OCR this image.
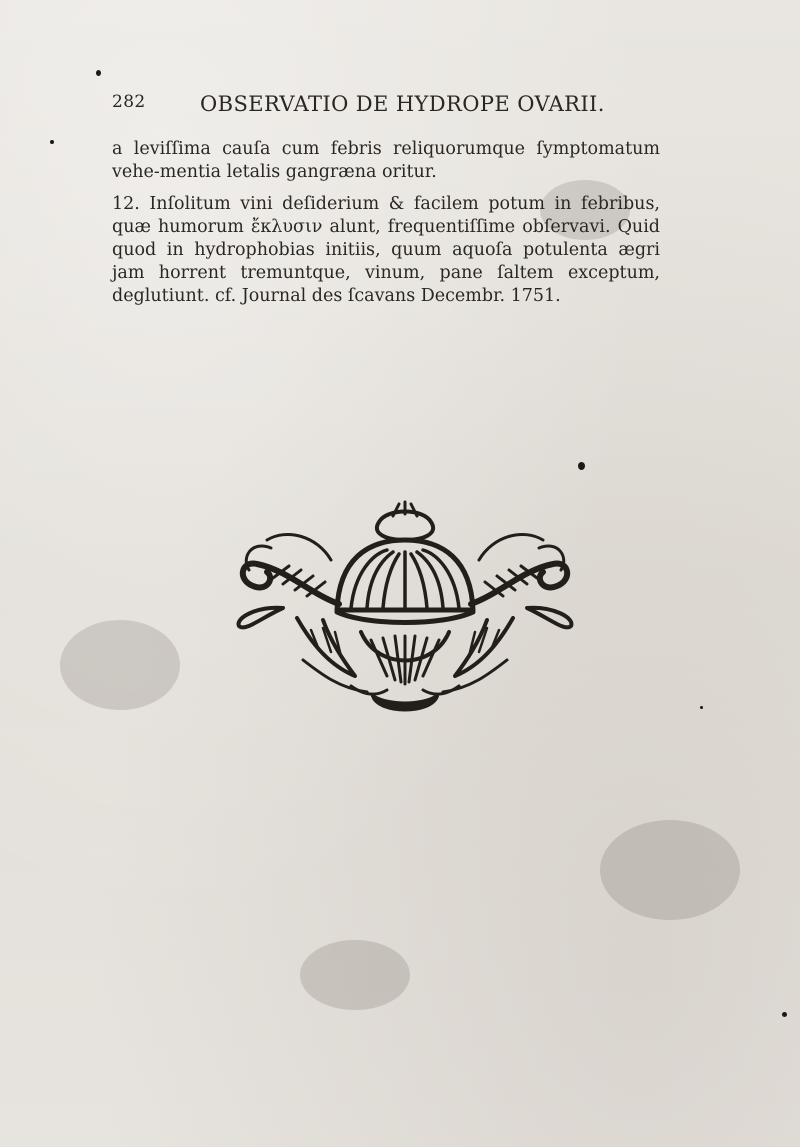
282	OBSERVATIO DE HYDROPE OVARII.

a leviſſima cauſa cum febris reliquorumque ſymptomatum vehe-mentia letalis gangræna oritur.

12. Inſolitum vini deſiderium & facilem potum in febribus, quæ humorum ἔκλυσιν alunt, frequentiſſime obſervavi. Quid quod in hydrophobias initiis, quum aquoſa potulenta ægri jam horrent tremuntque, vinum, pane ſaltem exceptum, deglutiunt. cf. Journal des ſcavans Decembr. 1751.
